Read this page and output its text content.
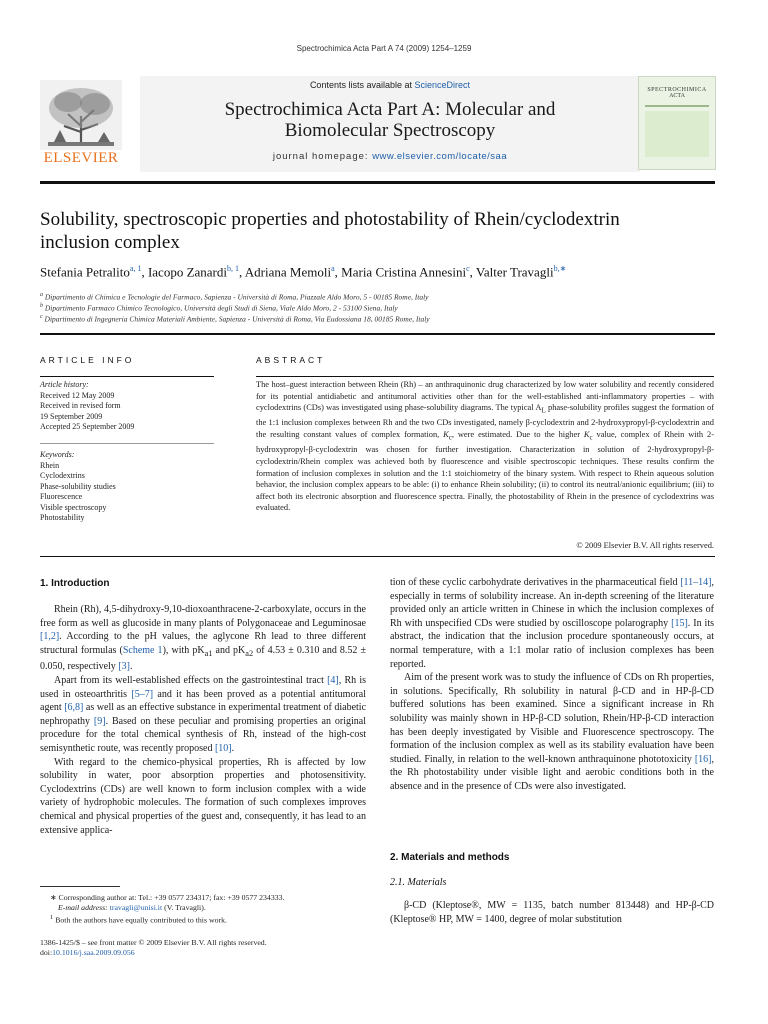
Spectrochimica Acta Part A 74 (2009) 1254–1259
ELSEVIER
Contents lists available at ScienceDirect
Spectrochimica Acta Part A: Molecular and
Biomolecular Spectroscopy
journal homepage: www.elsevier.com/locate/saa
SPECTROCHIMICA
ACTA
Solubility, spectroscopic properties and photostability of Rhein/cyclodextrin
inclusion complex
Stefania Petralito$^{a, 1}$, Iacopo Zanardi$^{b, 1}$, Adriana Memoli$^a$, Maria Cristina Annesini$^c$, Valter Travagli$^{b,∗}$
$^a$ Dipartimento di Chimica e Tecnologie del Farmaco, Sapienza - Università di Roma, Piazzale Aldo Moro, 5 - 00185 Rome, Italy
$^b$ Dipartimento Farmaco Chimico Tecnologico, Università degli Studi di Siena, Viale Aldo Moro, 2 - 53100 Siena, Italy
$^c$ Dipartimento di Ingegneria Chimica Materiali Ambiente, Sapienza - Università di Roma, Via Eudossiana 18, 00185 Rome, Italy
ARTICLE INFO
Article history:
Received 12 May 2009
Received in revised form
19 September 2009
Accepted 25 September 2009
Keywords:
Rhein
Cyclodextrins
Phase-solubility studies
Fluorescence
Visible spectroscopy
Photostability
ABSTRACT
The host–guest interaction between Rhein (Rh) – an anthraquinonic drug characterized by low water solubility and recently considered for its potential antidiabetic and antitumoral activities other than for the well-established anti-inflammatory properties – with cyclodextrins (CDs) was investigated using phase-solubility diagrams. The typical $A_L$ phase-solubility profiles suggest the formation of the 1:1 inclusion complexes between Rh and the two CDs investigated, namely β-cyclodextrin and 2-hydroxypropyl-β-cyclodextrin and the resulting constant values of complex formation, $K_c$, were estimated. Due to the higher $K_c$ value, complex of Rhein with 2-hydroxypropyl-β-cyclodextrin was chosen for further investigation. Characterization in solution of 2-hydroxypropyl-β-cyclodextrin/Rhein complex was achieved both by fluorescence and visible spectroscopic techniques. These results confirm the formation of inclusion complexes in solution and the 1:1 stoichiometry of the binary system. With respect to Rhein aqueous solution behavior, the inclusion complex appears to be able: (i) to enhance Rhein solubility; (ii) to control its neutral/anionic equilibrium; (iii) to affect both its electronic absorption and fluorescence spectra. Finally, the photostability of Rhein in the presence of cyclodextrins was evaluated.
© 2009 Elsevier B.V. All rights reserved.
1. Introduction

Rhein (Rh), 4,5-dihydroxy-9,10-dioxoanthracene-2-carboxylate, occurs in the free form as well as glucoside in many plants of Polygonaceae and Leguminosae [1,2]. According to the pH values, the aglycone Rh lead to three different structural formulas (Scheme 1), with $pK_{a1}$ and $pK_{a2}$ of 4.53 ± 0.310 and 8.52 ± 0.050, respectively [3].

Apart from its well-established effects on the gastrointestinal tract [4], Rh is used in osteoarthritis [5–7] and it has been proved as a potential antitumoral agent [6,8] as well as an effective substance in experimental treatment of diabetic nephropathy [9]. Based on these peculiar and promising properties an original procedure for the total chemical synthesis of Rh, instead of the high-cost semisynthetic route, was recently proposed [10].

With regard to the chemico-physical properties, Rh is affected by low solubility in water, poor absorption properties and photosensitivity. Cyclodextrins (CDs) are well known to form inclusion complex with a wide variety of hydrophobic molecules. The formation of such complexes improves chemical and physical properties of the guest and, consequently, it has lead to an extensive applica-

∗ Corresponding author at: Tel.: +39 0577 234317; fax: +39 0577 234333.
E-mail address: travagli@unisi.it (V. Travagli).
$^1$ Both the authors have equally contributed to this work.
1386-1425/$ – see front matter © 2009 Elsevier B.V. All rights reserved.
doi:10.1016/j.saa.2009.09.056

tion of these cyclic carbohydrate derivatives in the pharmaceutical field [11–14], especially in terms of solubility increase. An in-depth screening of the literature provided only an article written in Chinese in which the inclusion complexes of Rh with unspecified CDs were studied by oscilloscope polarography [15]. In its abstract, the indication that the inclusion procedure spontaneously occurs, at normal temperature, with a 1:1 molar ratio of inclusion complexes has been reported.

Aim of the present work was to study the influence of CDs on Rh properties, in solutions. Specifically, Rh solubility in natural β-CD and in HP-β-CD buffered solutions has been examined. Since a significant increase in Rh solubility was mainly shown in HP-β-CD solution, Rhein/HP-β-CD interaction has been deeply investigated by Visible and Fluorescence spectroscopy. The formation of the inclusion complex as well as its stability evaluation have been studied. Finally, in relation to the well-known anthraquinone phototoxicity [16], the Rh photostability under visible light and aerobic conditions both in the absence and in the presence of CDs were also investigated.

2. Materials and methods
2.1. Materials

β-CD (Kleptose®, MW = 1135, batch number 813448) and HP-β-CD (Kleptose® HP, MW = 1400, degree of molar substitution
